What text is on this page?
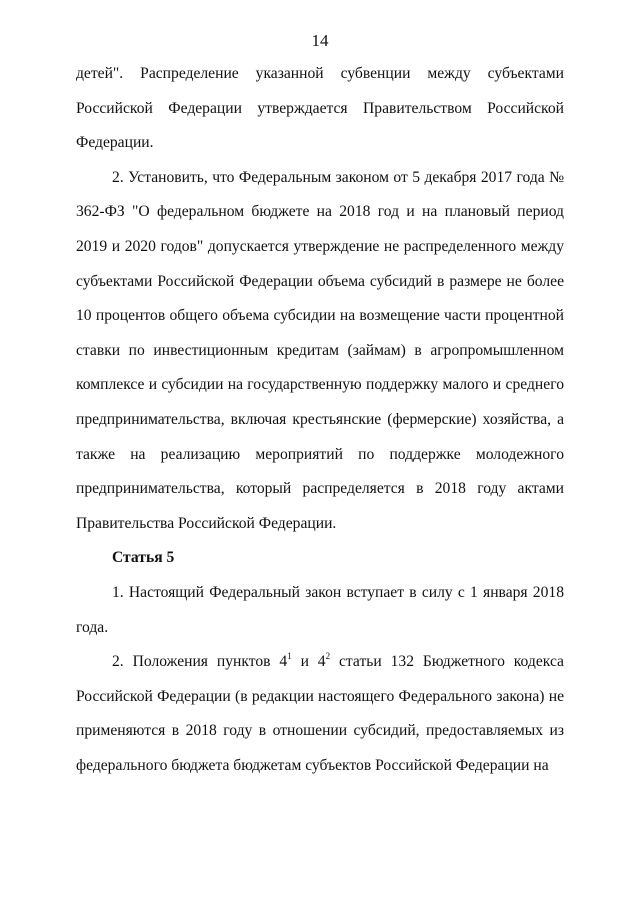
14

детей". Распределение указанной субвенции между субъектами Российской Федерации утверждается Правительством Российской Федерации.

2. Установить, что Федеральным законом от 5 декабря 2017 года № 362-ФЗ "О федеральном бюджете на 2018 год и на плановый период 2019 и 2020 годов" допускается утверждение не распределенного между субъектами Российской Федерации объема субсидий в размере не более 10 процентов общего объема субсидии на возмещение части процентной ставки по инвестиционным кредитам (займам) в агропромышленном комплексе и субсидии на государственную поддержку малого и среднего предпринимательства, включая крестьянские (фермерские) хозяйства, а также на реализацию мероприятий по поддержке молодежного предпринимательства, который распределяется в 2018 году актами Правительства Российской Федерации.

Статья 5

1. Настоящий Федеральный закон вступает в силу с 1 января 2018 года.

2. Положения пунктов $4^1$ и $4^2$ статьи 132 Бюджетного кодекса Российской Федерации (в редакции настоящего Федерального закона) не применяются в 2018 году в отношении субсидий, предоставляемых из федерального бюджета бюджетам субъектов Российской Федерации на
